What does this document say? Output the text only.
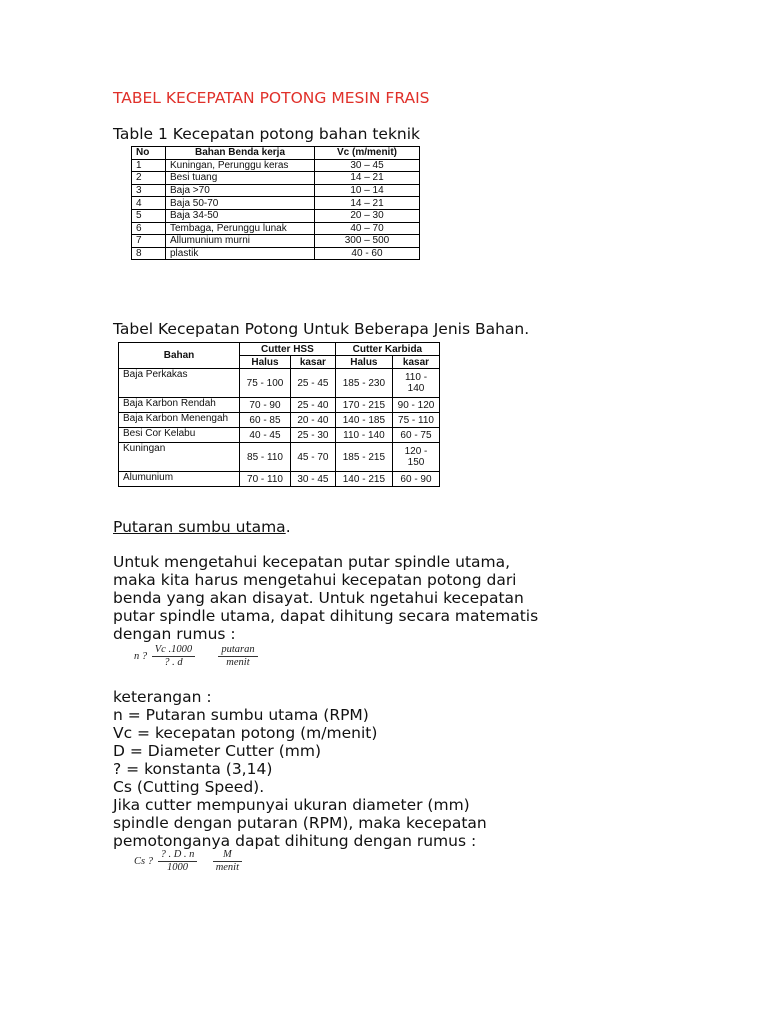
TABEL KECEPATAN POTONG MESIN FRAIS
Table 1 Kecepatan potong bahan teknik
No	Bahan Benda kerja	Vc (m/menit)
1	Kuningan, Perunggu keras	30 – 45
2	Besi tuang	14 – 21
3	Baja >70	10 – 14
4	Baja 50-70	14 – 21
5	Baja 34-50	20 – 30
6	Tembaga, Perunggu lunak	40 – 70
7	Allumunium murni	300 – 500
8	plastik	40 - 60
Tabel Kecepatan Potong Untuk Beberapa Jenis Bahan.
Bahan	Cutter HSS		Cutter Karbida	
	Halus	kasar	Halus	kasar
Baja Perkakas	75 - 100	25 - 45	185 - 230	110 - 140
Baja Karbon Rendah	70 - 90	25 - 40	170 - 215	90 - 120
Baja Karbon Menengah	60 - 85	20 - 40	140 - 185	75 - 110
Besi Cor Kelabu	40 - 45	25 - 30	110 - 140	60 - 75
Kuningan	85 - 110	45 - 70	185 - 215	120 - 150
Alumunium	70 - 110	30 - 45	140 - 215	60 - 90
Putaran sumbu utama.
Untuk mengetahui kecepatan putar spindle utama,
maka kita harus mengetahui kecepatan potong dari
benda yang akan disayat. Untuk ngetahui kecepatan
putar spindle utama, dapat dihitung secara matematis
dengan rumus :
n ? $\frac{Vc .1000}{? . d}$
$\frac{\text{putaran}}{\text{menit}}$
keterangan :
n = Putaran sumbu utama (RPM)
Vc = kecepatan potong (m/menit)
D = Diameter Cutter (mm)
? = konstanta (3,14)
Cs (Cutting Speed).
Jika cutter mempunyai ukuran diameter (mm)
spindle dengan putaran (RPM), maka kecepatan
pemotonganya dapat dihitung dengan rumus :
Cs ? $\frac{? . D . n}{1000}$
$\frac{M}{\text{menit}}$
